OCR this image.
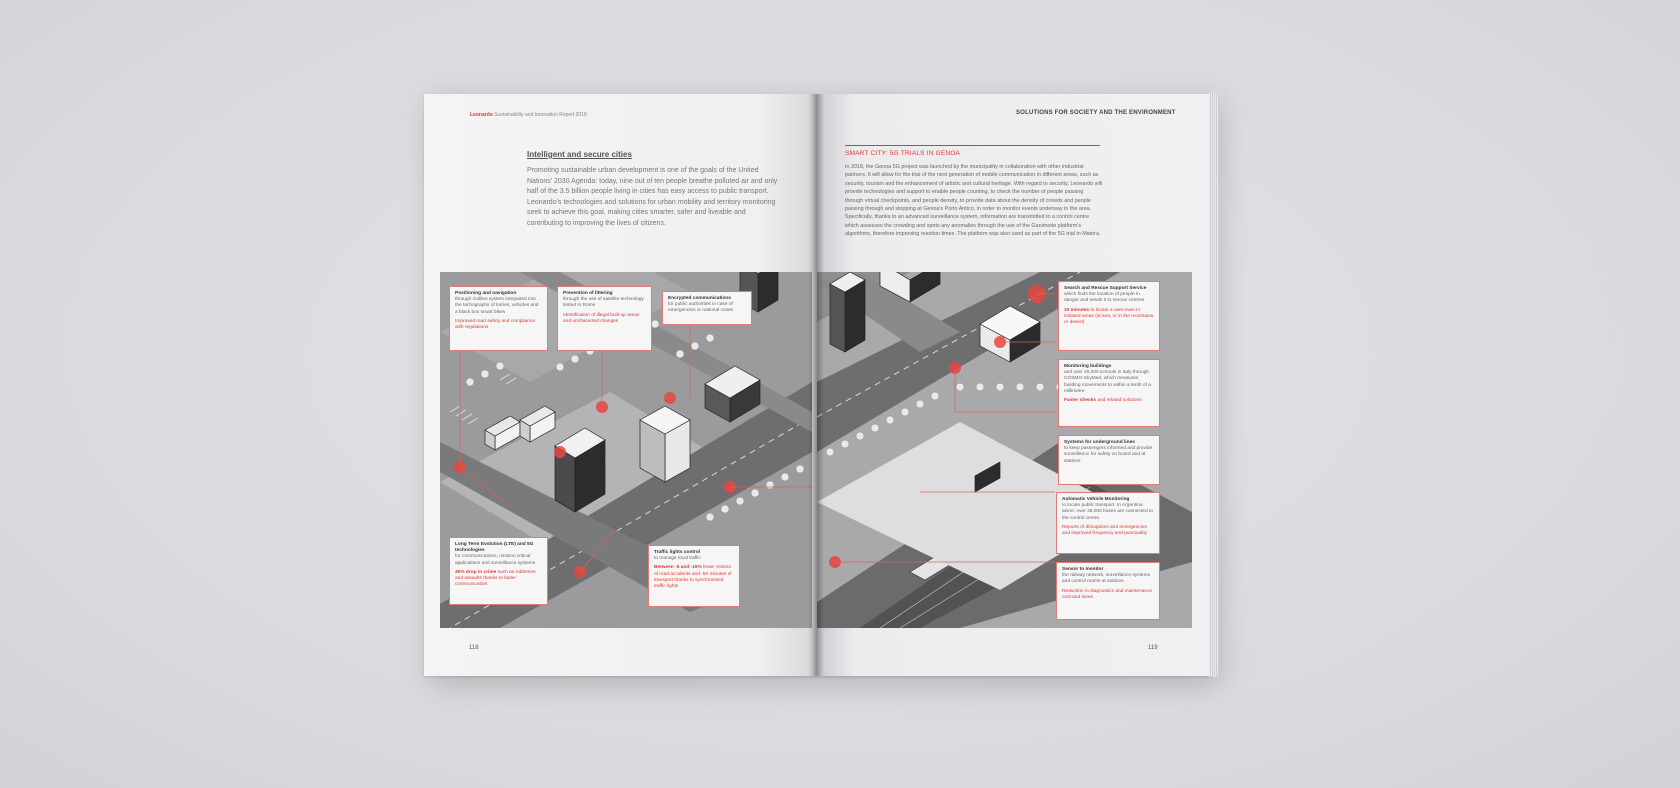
Leonardo Sustainability and Innovation Report 2018	SOLUTIONS FOR SOCIETY AND THE ENVIRONMENT
Intelligent and secure cities
Promoting sustainable urban development is one of the goals of the United Nations' 2030 Agenda: today, nine out of ten people breathe polluted air and only half of the 3.5 billion people living in cities has easy access to public transport. Leonardo's technologies and solutions for urban mobility and territory monitoring seek to achieve this goal, making cities smarter, safer and liveable and contributing to improving the lives of citizens.
SMART CITY: 5G TRIALS IN GENOA
In 2018, the Genoa 5G project was launched by the municipality in collaboration with other industrial partners. It will allow for the trial of the next generation of mobile communication in different areas, such as security, tourism and the enhancement of artistic and cultural heritage. With regard to security, Leonardo will provide technologies and support to enable people counting, to check the number of people passing through virtual checkpoints, and people density, to provide data about the density of crowds and people passing through and stopping at Genoa's Porto Antico, in order to monitor events underway in the area. Specifically, thanks to an advanced surveillance system, information are transmitted to a control centre which assesses the crowding and spots any anomalies through the use of the Ganimede platform's algorithms, therefore improving reaction times. The platform was also used as part of the 5G trial in Matera.
Positioning and navigation
through Galileo system integrated into the tachographs of lorries, vehicles and a black box smart bikes
Improved road safety and compliance with regulations
Prevention of littering
through the use of satellite technology tested in Rome
Identification of illegal built-up areas and uncharacted changes
Encrypted communications
for public authorities in case of emergencies or national crises
Long Term Evolution (LTE) and 5G technologies
for communications, mission critical applications and surveillance systems
40% drop in crime such as robberies and assaults thanks to faster communication
Traffic lights control
to manage local traffic
Between -5 and -15% fewer victims of road accidents and -50 minutes of transport thanks to synchronised traffic lights
Search and Rescue Support Service
which finds the location of people in danger and sends it to rescue centres
10 minutes to locate a user even in isolated areas (at sea, or in the mountains or desert)
Monitoring buildings
and over 40,000 schools in Italy through COSMO-SkyMed, which measures building movements to within a tenth of a millimetre
Faster checks and related solutions
Systems for underground lines
to keep passengers informed and provide surveillance for safety on board and at stations
Automatic Vehicle Monitoring
to locate public transport. In Argentina alone, over 36,000 buses are connected to the control centre.
Reports of disruptions and emergencies and improved frequency and punctuality
Sensor to monitor
the railway network, surveillance systems and control rooms at stations
Reduction in diagnostics and maintenance cost and times
118	119
